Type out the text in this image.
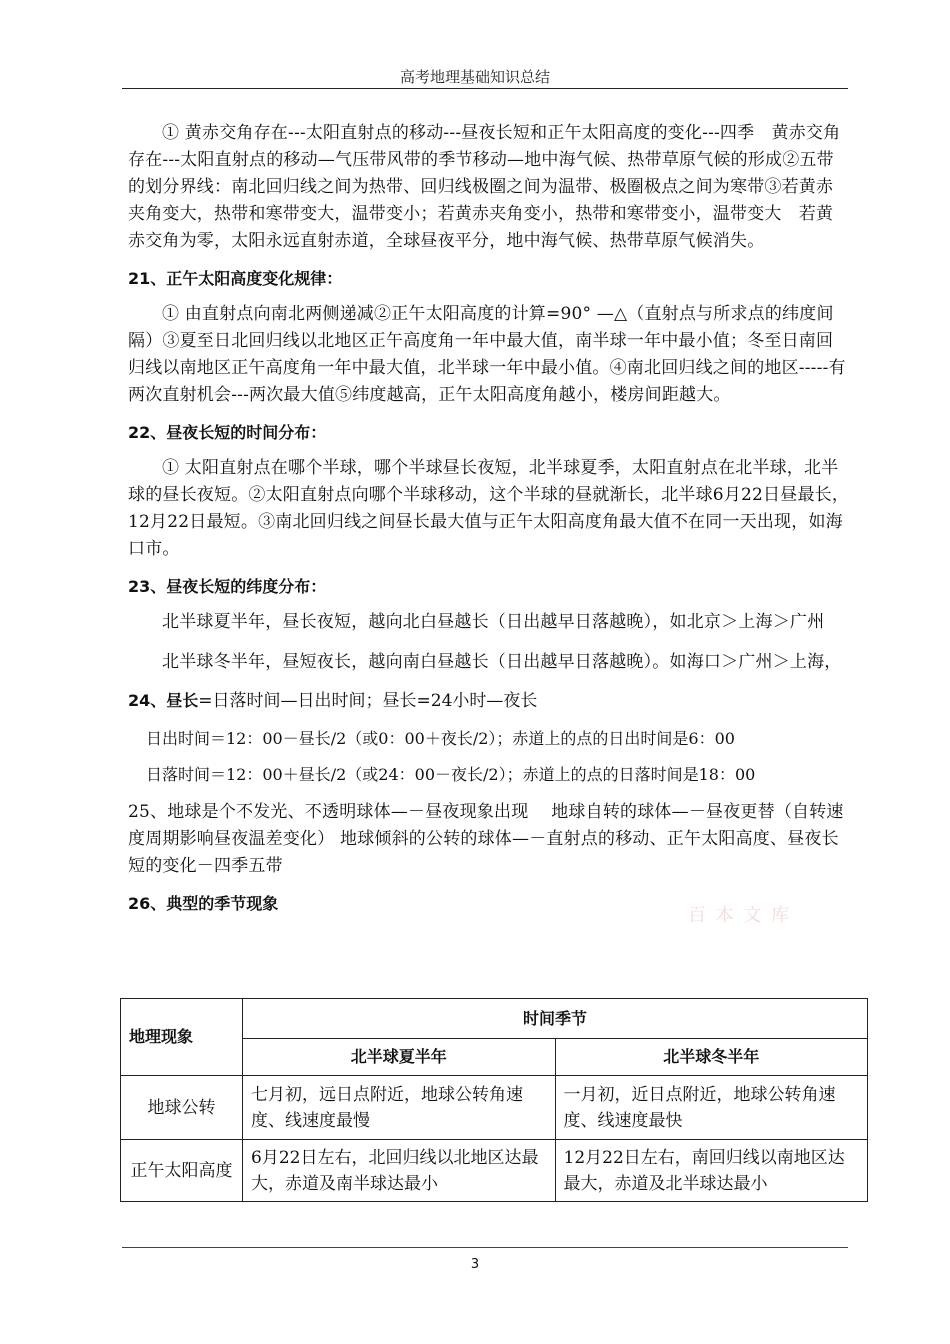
高考地理基础知识总结

① 黄赤交角存在---太阳直射点的移动---昼夜长短和正午太阳高度的变化---四季　黄赤交角存在---太阳直射点的移动—气压带风带的季节移动—地中海气候、热带草原气候的形成②五带的划分界线：南北回归线之间为热带、回归线极圈之间为温带、极圈极点之间为寒带③若黄赤夹角变大，热带和寒带变大，温带变小；若黄赤夹角变小，热带和寒带变小，温带变大　若黄赤交角为零，太阳永远直射赤道，全球昼夜平分，地中海气候、热带草原气候消失。

21、正午太阳高度变化规律：

① 由直射点向南北两侧递减②正午太阳高度的计算=90° —△（直射点与所求点的纬度间隔）③夏至日北回归线以北地区正午高度角一年中最大值，南半球一年中最小值；冬至日南回归线以南地区正午高度角一年中最大值，北半球一年中最小值。④南北回归线之间的地区-----有两次直射机会---两次最大值⑤纬度越高，正午太阳高度角越小，楼房间距越大。

22、昼夜长短的时间分布：

① 太阳直射点在哪个半球，哪个半球昼长夜短，北半球夏季，太阳直射点在北半球，北半球的昼长夜短。②太阳直射点向哪个半球移动，这个半球的昼就渐长，北半球6月22日昼最长，12月22日最短。③南北回归线之间昼长最大值与正午太阳高度角最大值不在同一天出现，如海口市。

23、昼夜长短的纬度分布：

北半球夏半年，昼长夜短，越向北白昼越长（日出越早日落越晚），如北京＞上海＞广州

北半球冬半年，昼短夜长，越向南白昼越长（日出越早日落越晚）。如海口＞广州＞上海，

24、昼长=日落时间—日出时间；昼长=24小时—夜长
日出时间＝12：00－昼长/2（或0：00＋夜长/2）；赤道上的点的日出时间是6：00
日落时间＝12：00＋昼长/2（或24：00－夜长/2）；赤道上的点的日落时间是18：00

25、地球是个不发光、不透明球体—－昼夜现象出现　 地球自转的球体—－昼夜更替（自转速度周期影响昼夜温差变化） 地球倾斜的公转的球体—－直射点的移动、正午太阳高度、昼夜长短的变化－四季五带

26、典型的季节现象
百 本 文 库
地理现象	时间季节	
	北半球夏半年	北半球冬半年
地球公转	七月初，远日点附近，地球公转角速度、线速度最慢	一月初，近日点附近，地球公转角速度、线速度最快
正午太阳高度	6月22日左右，北回归线以北地区达最大，赤道及南半球达最小	12月22日左右，南回归线以南地区达最大，赤道及北半球达最小
3
